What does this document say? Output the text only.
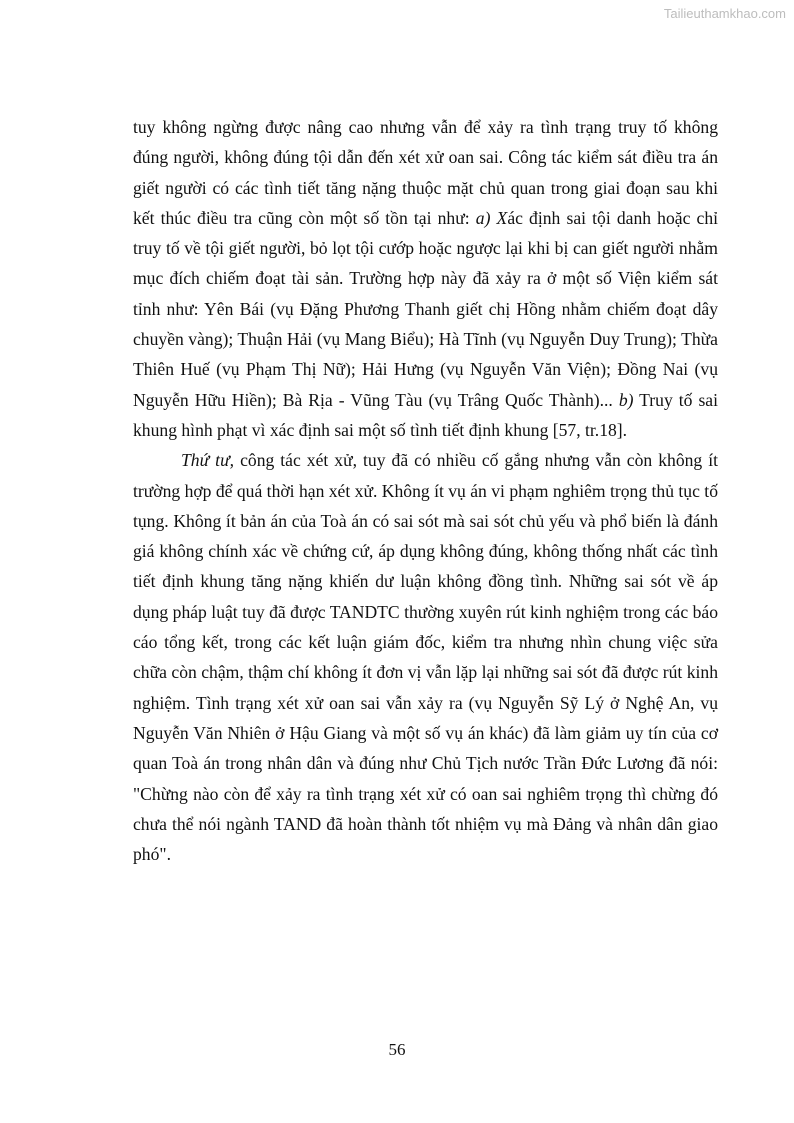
Tailieuthamkhao.com

tuy không ngừng được nâng cao nhưng vẫn để xảy ra tình trạng truy tố không đúng người, không đúng tội dẫn đến xét xử oan sai. Công tác kiểm sát điều tra án giết người có các tình tiết tăng nặng thuộc mặt chủ quan trong giai đoạn sau khi kết thúc điều tra cũng còn một số tồn tại như: a) Xác định sai tội danh hoặc chỉ truy tố về tội giết người, bỏ lọt tội cướp hoặc ngược lại khi bị can giết người nhằm mục đích chiếm đoạt tài sản. Trường hợp này đã xảy ra ở một số Viện kiểm sát tỉnh như: Yên Bái (vụ Đặng Phương Thanh giết chị Hồng nhằm chiếm đoạt dây chuyền vàng); Thuận Hải (vụ Mang Biểu); Hà Tĩnh (vụ Nguyễn Duy Trung); Thừa Thiên Huế (vụ Phạm Thị Nữ); Hải Hưng (vụ Nguyễn Văn Viện); Đồng Nai (vụ Nguyễn Hữu Hiền); Bà Rịa - Vũng Tàu (vụ Trâng Quốc Thành)... b) Truy tố sai khung hình phạt vì xác định sai một số tình tiết định khung [57, tr.18].

Thứ tư, công tác xét xử, tuy đã có nhiều cố gắng nhưng vẫn còn không ít trường hợp để quá thời hạn xét xử. Không ít vụ án vi phạm nghiêm trọng thủ tục tố tụng. Không ít bản án của Toà án có sai sót mà sai sót chủ yếu và phổ biến là đánh giá không chính xác về chứng cứ, áp dụng không đúng, không thống nhất các tình tiết định khung tăng nặng khiến dư luận không đồng tình. Những sai sót về áp dụng pháp luật tuy đã được TANDTC thường xuyên rút kinh nghiệm trong các báo cáo tổng kết, trong các kết luận giám đốc, kiểm tra nhưng nhìn chung việc sửa chữa còn chậm, thậm chí không ít đơn vị vẫn lặp lại những sai sót đã được rút kinh nghiệm. Tình trạng xét xử oan sai vẫn xảy ra (vụ Nguyễn Sỹ Lý ở Nghệ An, vụ Nguyễn Văn Nhiên ở Hậu Giang và một số vụ án khác) đã làm giảm uy tín của cơ quan Toà án trong nhân dân và đúng như Chủ Tịch nước Trần Đức Lương đã nói: "Chừng nào còn để xảy ra tình trạng xét xử có oan sai nghiêm trọng thì chừng đó chưa thể nói ngành TAND đã hoàn thành tốt nhiệm vụ mà Đảng và nhân dân giao phó".

56
